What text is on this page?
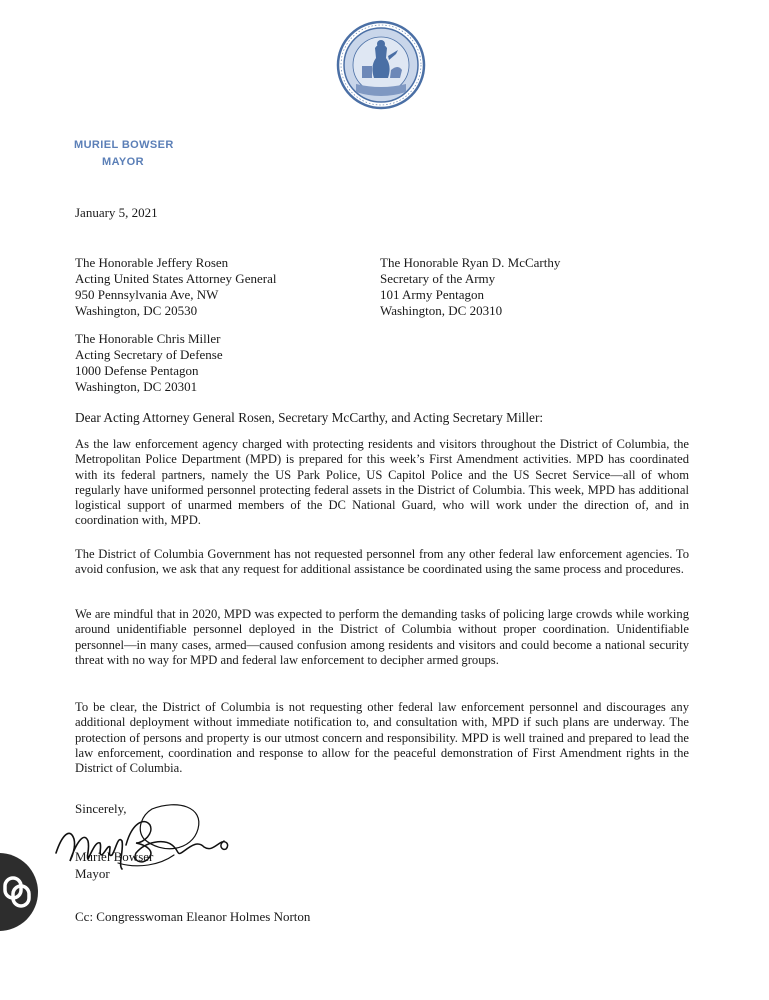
MURIEL BOWSER
MAYOR
January 5, 2021
The Honorable Jeffery Rosen
Acting United States Attorney General
950 Pennsylvania Ave, NW
Washington, DC 20530
The Honorable Ryan D. McCarthy
Secretary of the Army
101 Army Pentagon
Washington, DC 20310
The Honorable Chris Miller
Acting Secretary of Defense
1000 Defense Pentagon
Washington, DC 20301
Dear Acting Attorney General Rosen, Secretary McCarthy, and Acting Secretary Miller:

As the law enforcement agency charged with protecting residents and visitors throughout the District of Columbia, the Metropolitan Police Department (MPD) is prepared for this week’s First Amendment activities. MPD has coordinated with its federal partners, namely the US Park Police, US Capitol Police and the US Secret Service—all of whom regularly have uniformed personnel protecting federal assets in the District of Columbia. This week, MPD has additional logistical support of unarmed members of the DC National Guard, who will work under the direction of, and in coordination with, MPD.

The District of Columbia Government has not requested personnel from any other federal law enforcement agencies. To avoid confusion, we ask that any request for additional assistance be coordinated using the same process and procedures.

We are mindful that in 2020, MPD was expected to perform the demanding tasks of policing large crowds while working around unidentifiable personnel deployed in the District of Columbia without proper coordination. Unidentifiable personnel—in many cases, armed—caused confusion among residents and visitors and could become a national security threat with no way for MPD and federal law enforcement to decipher armed groups.

To be clear, the District of Columbia is not requesting other federal law enforcement personnel and discourages any additional deployment without immediate notification to, and consultation with, MPD if such plans are underway. The protection of persons and property is our utmost concern and responsibility. MPD is well trained and prepared to lead the law enforcement, coordination and response to allow for the peaceful demonstration of First Amendment rights in the District of Columbia.

Sincerely,
Muriel Bowser
Mayor
Cc: Congresswoman Eleanor Holmes Norton
